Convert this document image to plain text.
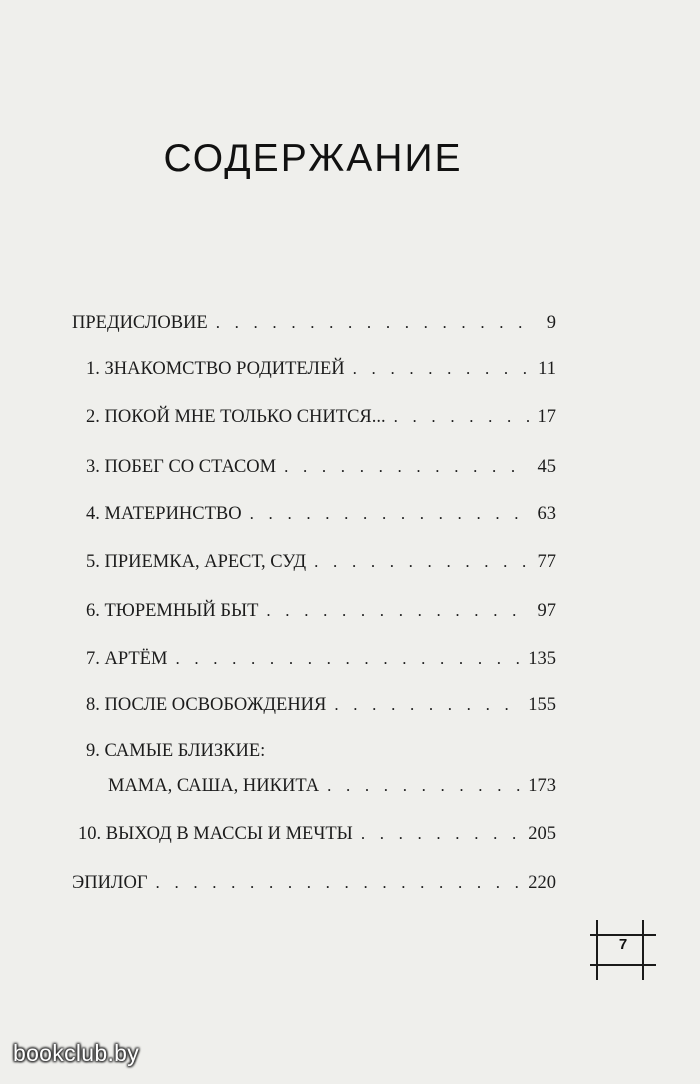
СОДЕРЖАНИЕ
ПРЕДИСЛОВИЕ . . .	9
1. ЗНАКОМСТВО РОДИТЕЛЕЙ . . .	11
2. ПОКОЙ МНЕ ТОЛЬКО СНИТСЯ... . . .	17
3. ПОБЕГ СО СТАСОМ . . .	45
4. МАТЕРИНСТВО . . .	63
5. ПРИЕМКА, АРЕСТ, СУД . . .	77
6. ТЮРЕМНЫЙ БЫТ . . .	97
7. АРТЁМ . . .	135
8. ПОСЛЕ ОСВОБОЖДЕНИЯ . . .	155
9. САМЫЕ БЛИЗКИЕ:
МАМА, САША, НИКИТА . . .	173
10. ВЫХОД В МАССЫ И МЕЧТЫ . . .	205
ЭПИЛОГ . . .	220
7
bookclub.by
